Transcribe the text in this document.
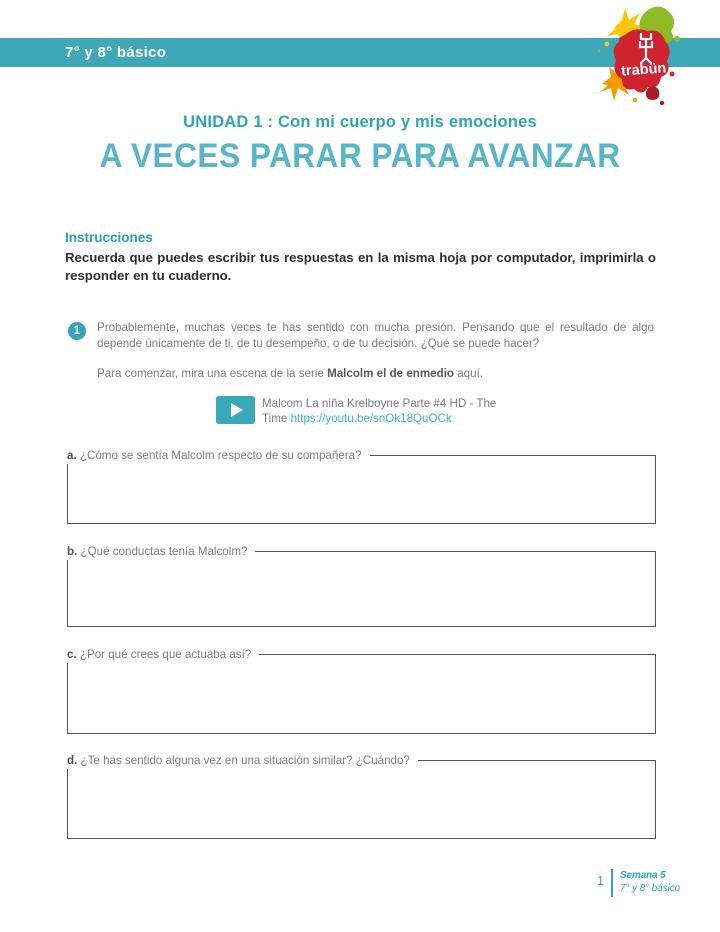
7° y 8° básico
trabün
UNIDAD 1 : Con mi cuerpo y mis emociones
A VECES PARAR PARA AVANZAR
Instrucciones

Recuerda que puedes escribir tus respuestas en la misma hoja por computador, imprimirla o responder en tu cuaderno.

1	Probablemente, muchas veces te has sentido con mucha presión. Pensando que el resultado de algo depende únicamente de ti, de tu desempeño, o de tu decisión. ¿Qué se puede hacer?

Para comenzar, mira una escena de la serie Malcolm el de enmedio aquí.

Malcom La niña Krelboyne Parte #4 HD - The Time https://youtu.be/snOk18QuOCk
a. ¿Cómo se sentía Malcolm respecto de su compañera?
b. ¿Qué conductas tenía Malcolm?
c. ¿Por qué crees que actuaba así?
d. ¿Te has sentido alguna vez en una situación similar? ¿Cuándo?
1 Semana 5
7° y 8° básico
